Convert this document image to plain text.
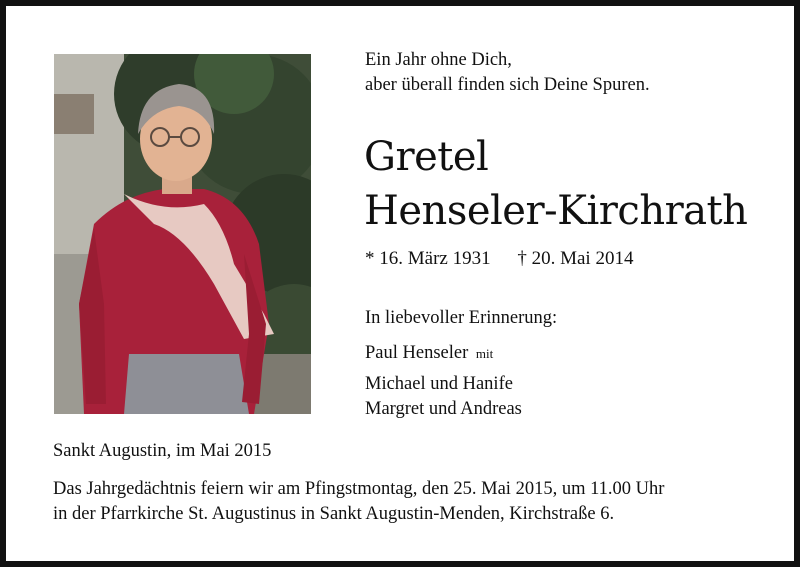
Ein Jahr ohne Dich,
aber überall finden sich Deine Spuren.
Gretel
Henseler-Kirchrath
* 16. März 1931 † 20. Mai 2014
In liebevoller Erinnerung:
Paul Henseler mit
Michael und Hanife
Margret und Andreas
Sankt Augustin, im Mai 2015
Das Jahrgedächtnis feiern wir am Pfingstmontag, den 25. Mai 2015, um 11.00 Uhr
in der Pfarrkirche St. Augustinus in Sankt Augustin-Menden, Kirchstraße 6.
